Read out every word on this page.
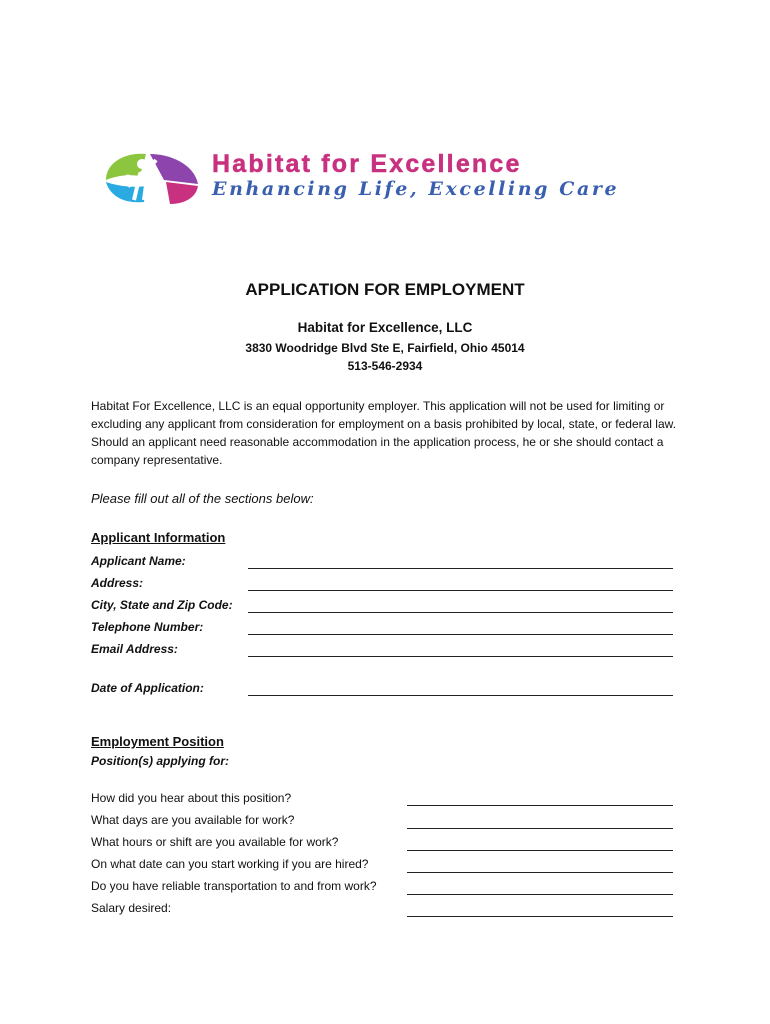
Habitat for Excellence
Enhancing Life, Excelling Care
APPLICATION FOR EMPLOYMENT
Habitat for Excellence, LLC
3830 Woodridge Blvd Ste E, Fairfield, Ohio 45014
513-546-2934
Habitat For Excellence, LLC is an equal opportunity employer. This application will not be used for limiting or excluding any applicant from consideration for employment on a basis prohibited by local, state, or federal law. Should an applicant need reasonable accommodation in the application process, he or she should contact a company representative.
Please fill out all of the sections below:
Applicant Information
Applicant Name:
Address:
City, State and Zip Code:
Telephone Number:
Email Address:
Date of Application:
Employment Position
Position(s) applying for:
How did you hear about this position?
What days are you available for work?
What hours or shift are you available for work?
On what date can you start working if you are hired?
Do you have reliable transportation to and from work?
Salary desired:
